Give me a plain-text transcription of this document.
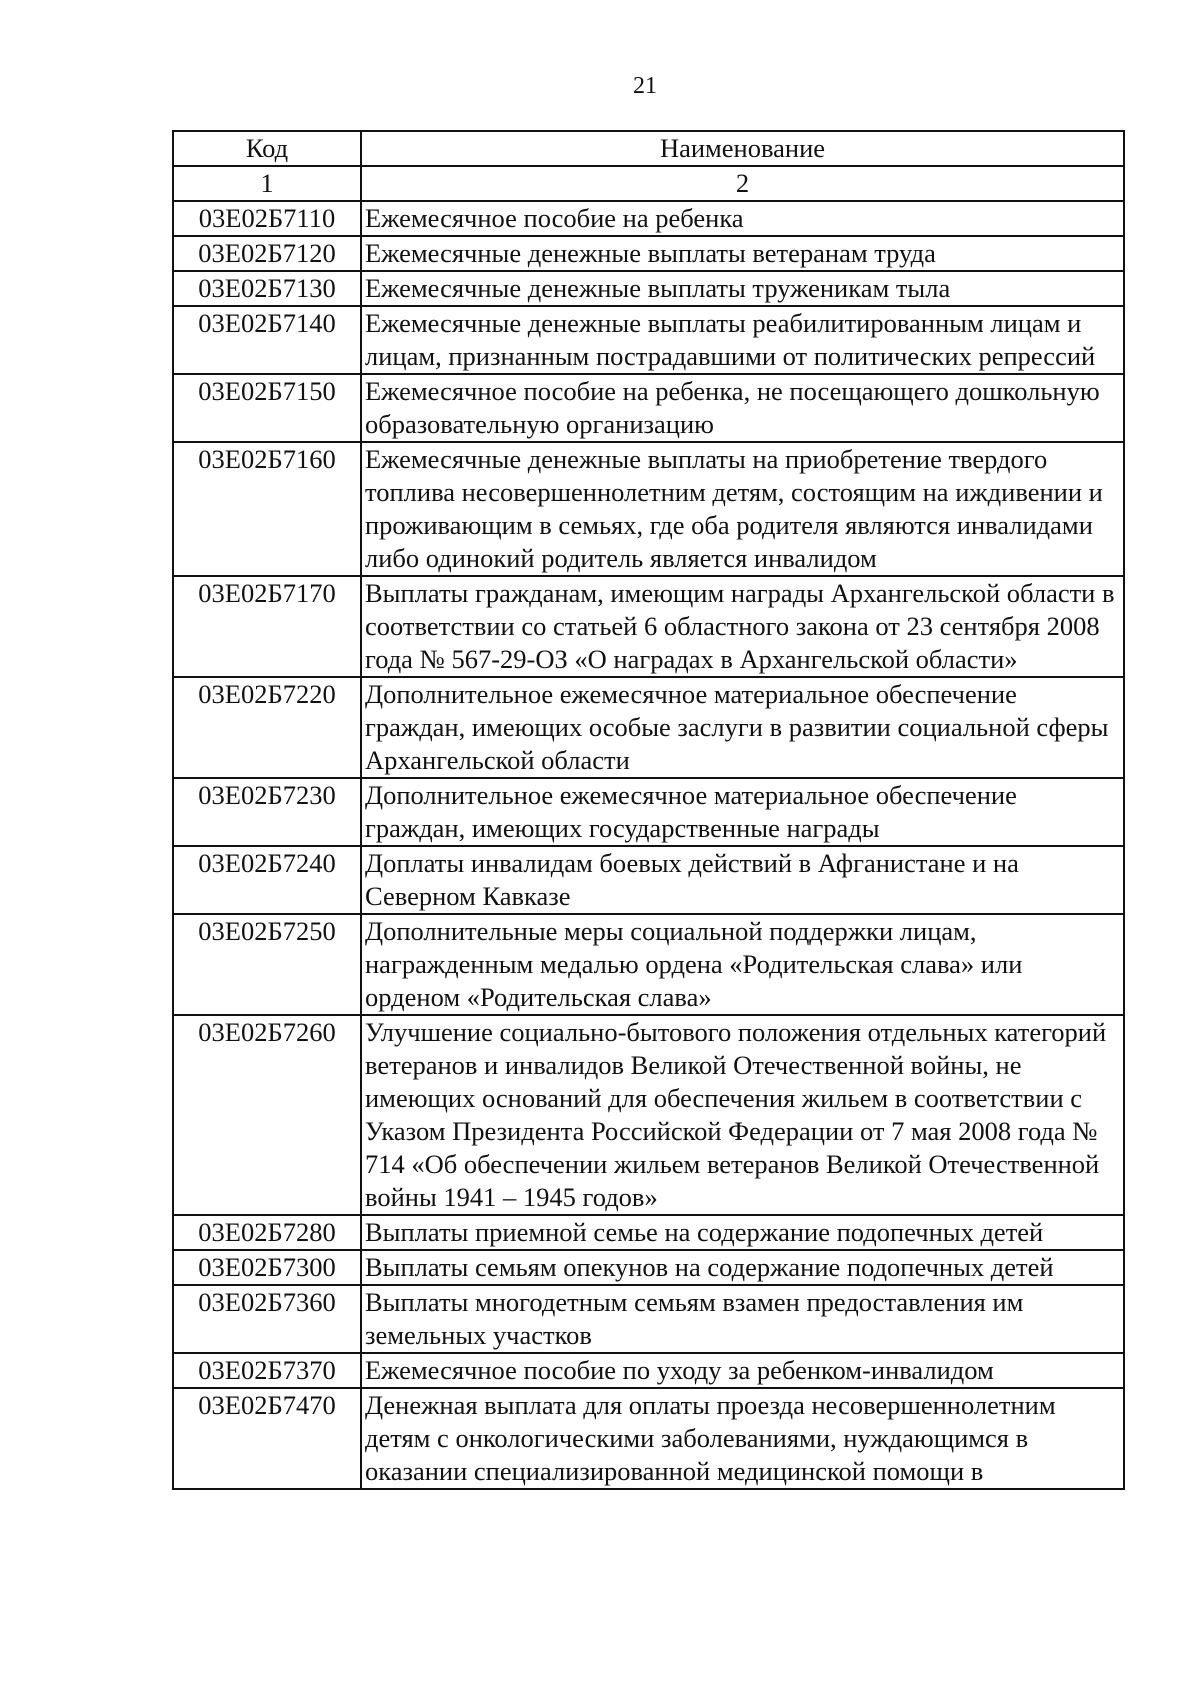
21
Код	Наименование
1	2
03Е02Б7110	Ежемесячное пособие на ребенка
03Е02Б7120	Ежемесячные денежные выплаты ветеранам труда
03Е02Б7130	Ежемесячные денежные выплаты труженикам тыла
03Е02Б7140	Ежемесячные денежные выплаты реабилитированным лицам и лицам, признанным пострадавшими от политических репрессий
03Е02Б7150	Ежемесячное пособие на ребенка, не посещающего дошкольную образовательную организацию
03Е02Б7160	Ежемесячные денежные выплаты на приобретение твердого топлива несовершеннолетним детям, состоящим на иждивении и проживающим в семьях, где оба родителя являются инвалидами либо одинокий родитель является инвалидом
03Е02Б7170	Выплаты гражданам, имеющим награды Архангельской области в соответствии со статьей 6 областного закона от 23 сентября 2008 года № 567-29-ОЗ «О наградах в Архангельской области»
03Е02Б7220	Дополнительное ежемесячное материальное обеспечение граждан, имеющих особые заслуги в развитии социальной сферы Архангельской области
03Е02Б7230	Дополнительное ежемесячное материальное обеспечение граждан, имеющих государственные награды
03Е02Б7240	Доплаты инвалидам боевых действий в Афганистане и на Северном Кавказе
03Е02Б7250	Дополнительные меры социальной поддержки лицам, награжденным медалью ордена «Родительская слава» или орденом «Родительская слава»
03Е02Б7260	Улучшение социально-бытового положения отдельных категорий ветеранов и инвалидов Великой Отечественной войны, не имеющих оснований для обеспечения жильем в соответствии с Указом Президента Российской Федерации от 7 мая 2008 года № 714 «Об обеспечении жильем ветеранов Великой Отечественной войны 1941 – 1945 годов»
03Е02Б7280	Выплаты приемной семье на содержание подопечных детей
03Е02Б7300	Выплаты семьям опекунов на содержание подопечных детей
03Е02Б7360	Выплаты многодетным семьям взамен предоставления им земельных участков
03Е02Б7370	Ежемесячное пособие по уходу за ребенком-инвалидом
03Е02Б7470	Денежная выплата для оплаты проезда несовершеннолетним детям с онкологическими заболеваниями, нуждающимся в оказании специализированной медицинской помощи в
